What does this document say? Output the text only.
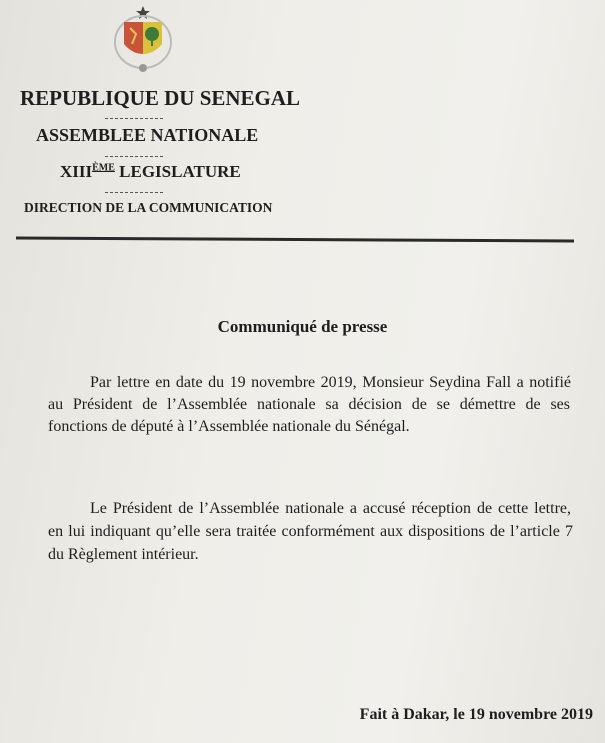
REPUBLIQUE DU SENEGAL
ASSEMBLEE NATIONALE
XIIIÈME LEGISLATURE
DIRECTION DE LA COMMUNICATION
Communiqué de presse
Par lettre en date du 19 novembre 2019, Monsieur Seydina Fall a notifié
au Président de l’Assemblée nationale sa décision de se démettre de ses
fonctions de député à l’Assemblée nationale du Sénégal.
Le Président de l’Assemblée nationale a accusé réception de cette lettre,
en lui indiquant qu’elle sera traitée conformément aux dispositions de l’article 7
du Règlement intérieur.
Fait à Dakar, le 19 novembre 2019
